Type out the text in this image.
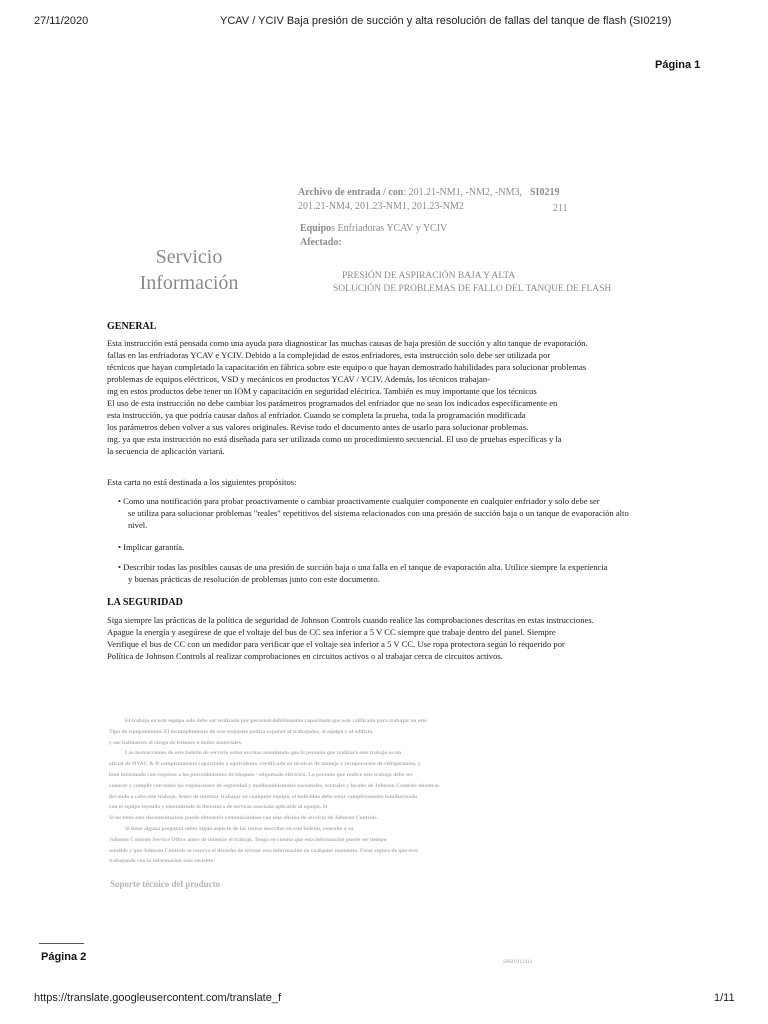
27/11/2020	YCAV / YCIV Baja presión de succión y alta resolución de fallas del tanque de flash (SI0219)
Página 1
Archivo de entrada / con: 201.21-NM1, -NM2, -NM3,
201.21-NM4, 201.23-NM1, 201.23-NM2
SI0219
211
Equipos Enfriadoras YCAV y YCIV
Afectado:
Servicio
Información	PRESIÓN DE ASPIRACIÓN BAJA Y ALTA
SOLUCIÓN DE PROBLEMAS DE FALLO DEL TANQUE DE FLASH
GENERAL
Esta instrucción está pensada como una ayuda para diagnosticar las muchas causas de baja presión de succión y alto tanque de evaporación.
fallas en las enfriadoras YCAV e YCIV. Debido a la complejidad de estos enfriadores, esta instrucción solo debe ser utilizada por
técnicos que hayan completado la capacitación en fábrica sobre este equipo o que hayan demostrado habilidades para solucionar problemas
problemas de equipos eléctricos, VSD y mecánicos en productos YCAV / YCIV. Además, los técnicos trabajan-
ing en estos productos debe tener un IOM y capacitación en seguridad eléctrica. También es muy importante que los técnicos
El uso de esta instrucción no debe cambiar los parámetros programados del enfriador que no sean los indicados específicamente en
esta instrucción, ya que podría causar daños al enfriador. Cuando se completa la prueba, toda la programación modificada
los parámetros deben volver a sus valores originales. Revise todo el documento antes de usarlo para solucionar problemas.
ing. ya que esta instrucción no está diseñada para ser utilizada como un procedimiento secuencial. El uso de pruebas específicas y la
la secuencia de aplicación variará.
Esta carta no está destinada a los siguientes propósitos:
• Como una notificación para probar proactivamente o cambiar proactivamente cualquier componente en cualquier enfriador y solo debe ser
se utiliza para solucionar problemas "reales" repetitivos del sistema relacionados con una presión de succión baja o un tanque de evaporación alto
nivel.
• Implicar garantía.
• Describir todas las posibles causas de una presión de succión baja o una falla en el tanque de evaporación alta. Utilice siempre la experiencia
y buenas prácticas de resolución de problemas junto con este documento.
LA SEGURIDAD
Siga siempre las prácticas de la política de seguridad de Johnson Controls cuando realice las comprobaciones descritas en estas instrucciones.
Apague la energía y asegúrese de que el voltaje del bus de CC sea inferior a 5 V CC siempre que trabaje dentro del panel. Siempre
Verifique el bus de CC con un medidor para verificar que el voltaje sea inferior a 5 V CC. Use ropa protectora según lo requerido por
Política de Johnson Controls al realizar comprobaciones en circuitos activos o al trabajar cerca de circuitos activos.
El trabajo en este equipo solo debe ser realizado por personal debidamente capacitado que esté calificado para trabajar en este
Tipo de equipamiento. El incumplimiento de este requisito podría exponer al trabajador, al equipo y al edificio.
y sus habitantes al riesgo de lesiones o daños materiales.
Las instrucciones de este boletín de servicio están escritas asumiendo que la persona que realizará este trabajo es un
oficial de HVAC & R completamente capacitado o equivalente, certificado en técnicas de manejo y recuperación de refrigerantes, y
bien informado con respecto a los procedimientos de bloqueo / etiquetado eléctrico. La persona que realice este trabajo debe ser
conocer y cumplir con todas las regulaciones de seguridad y medioambientales nacionales, estatales y locales de Johnson Controls mientras
llevando a cabo este trabajo. Antes de intentar trabajar en cualquier equipo, el individuo debe estar completamente familiarizado
con el equipo leyendo y entendiendo la literatura de servicio asociada aplicable al equipo. Si
Si no tiene esta documentación, puede obtenerla comunicándose con una oficina de servicio de Johnson Controls.
Si tiene alguna pregunta sobre algún aspecto de las tareas descritas en este boletín, consulte a su
Johnson Controls Service Office antes de intentar el trabajo. Tenga en cuenta que esta información puede ser tiempo
sensible y que Johnson Controls se reserva el derecho de revisar esta información en cualquier momento. Estar seguro de que eres
trabajando con la información más reciente.
Soporte técnico del producto
Página 2	SI0219 (211)
https://translate.googleusercontent.com/translate_f	1/11
